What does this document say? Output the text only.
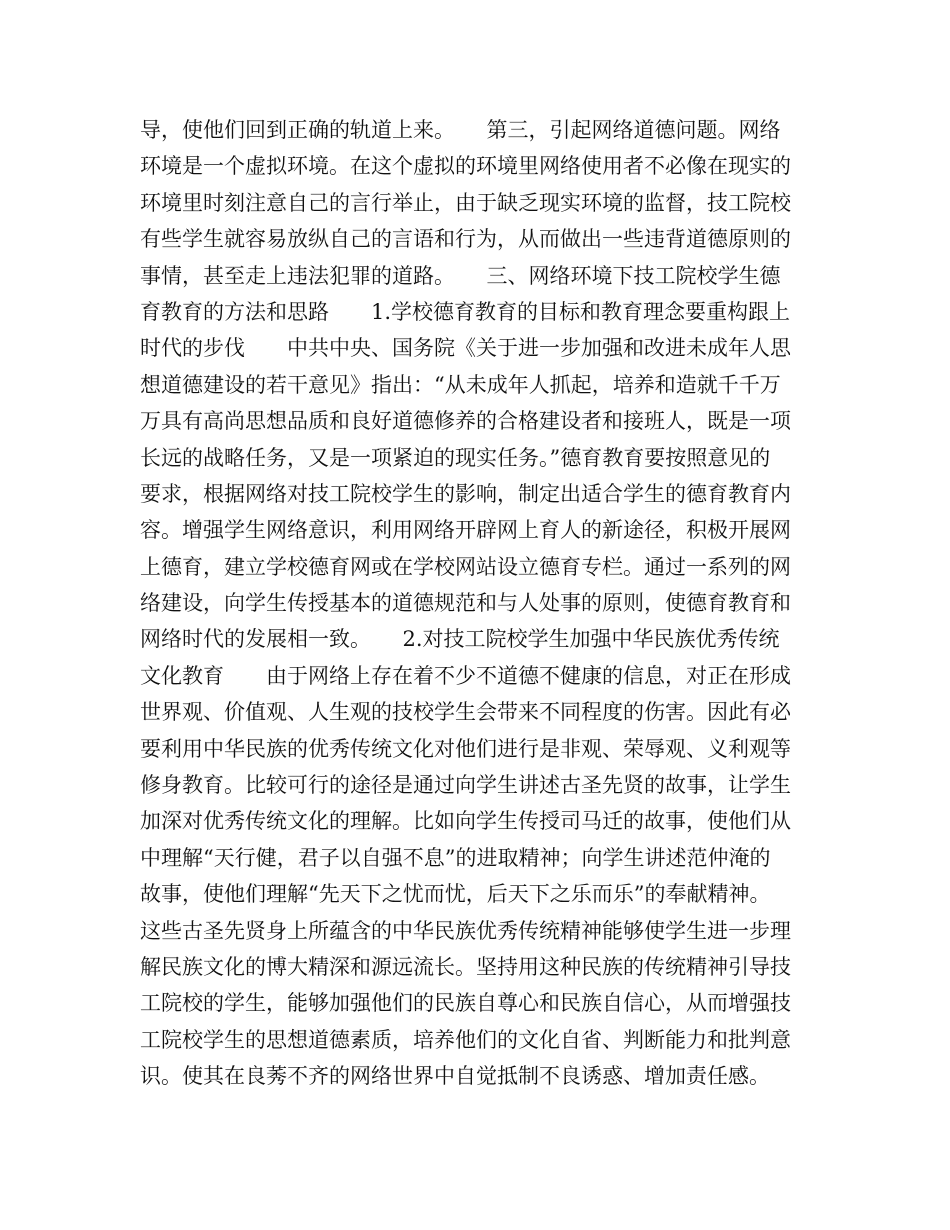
导，使他们回到正确的轨道上来。　　第三，引起网络道德问题。网络
环境是一个虚拟环境。在这个虚拟的环境里网络使用者不必像在现实的
环境里时刻注意自己的言行举止，由于缺乏现实环境的监督，技工院校
有些学生就容易放纵自己的言语和行为，从而做出一些违背道德原则的
事情，甚至走上违法犯罪的道路。　　三、网络环境下技工院校学生德
育教育的方法和思路　　1.学校德育教育的目标和教育理念要重构跟上
时代的步伐　　中共中央、国务院《关于进一步加强和改进未成年人思
想道德建设的若干意见》指出：“从未成年人抓起，培养和造就千千万
万具有高尚思想品质和良好道德修养的合格建设者和接班人，既是一项
长远的战略任务，又是一项紧迫的现实任务。”德育教育要按照意见的
要求，根据网络对技工院校学生的影响，制定出适合学生的德育教育内
容。增强学生网络意识，利用网络开辟网上育人的新途径，积极开展网
上德育，建立学校德育网或在学校网站设立德育专栏。通过一系列的网
络建设，向学生传授基本的道德规范和与人处事的原则，使德育教育和
网络时代的发展相一致。　　2.对技工院校学生加强中华民族优秀传统
文化教育　　由于网络上存在着不少不道德不健康的信息，对正在形成
世界观、价值观、人生观的技校学生会带来不同程度的伤害。因此有必
要利用中华民族的优秀传统文化对他们进行是非观、荣辱观、义利观等
修身教育。比较可行的途径是通过向学生讲述古圣先贤的故事，让学生
加深对优秀传统文化的理解。比如向学生传授司马迁的故事，使他们从
中理解“天行健，君子以自强不息”的进取精神；向学生讲述范仲淹的
故事，使他们理解“先天下之忧而忧，后天下之乐而乐”的奉献精神。
这些古圣先贤身上所蕴含的中华民族优秀传统精神能够使学生进一步理
解民族文化的博大精深和源远流长。坚持用这种民族的传统精神引导技
工院校的学生，能够加强他们的民族自尊心和民族自信心，从而增强技
工院校学生的思想道德素质，培养他们的文化自省、判断能力和批判意
识。使其在良莠不齐的网络世界中自觉抵制不良诱惑、增加责任感。
